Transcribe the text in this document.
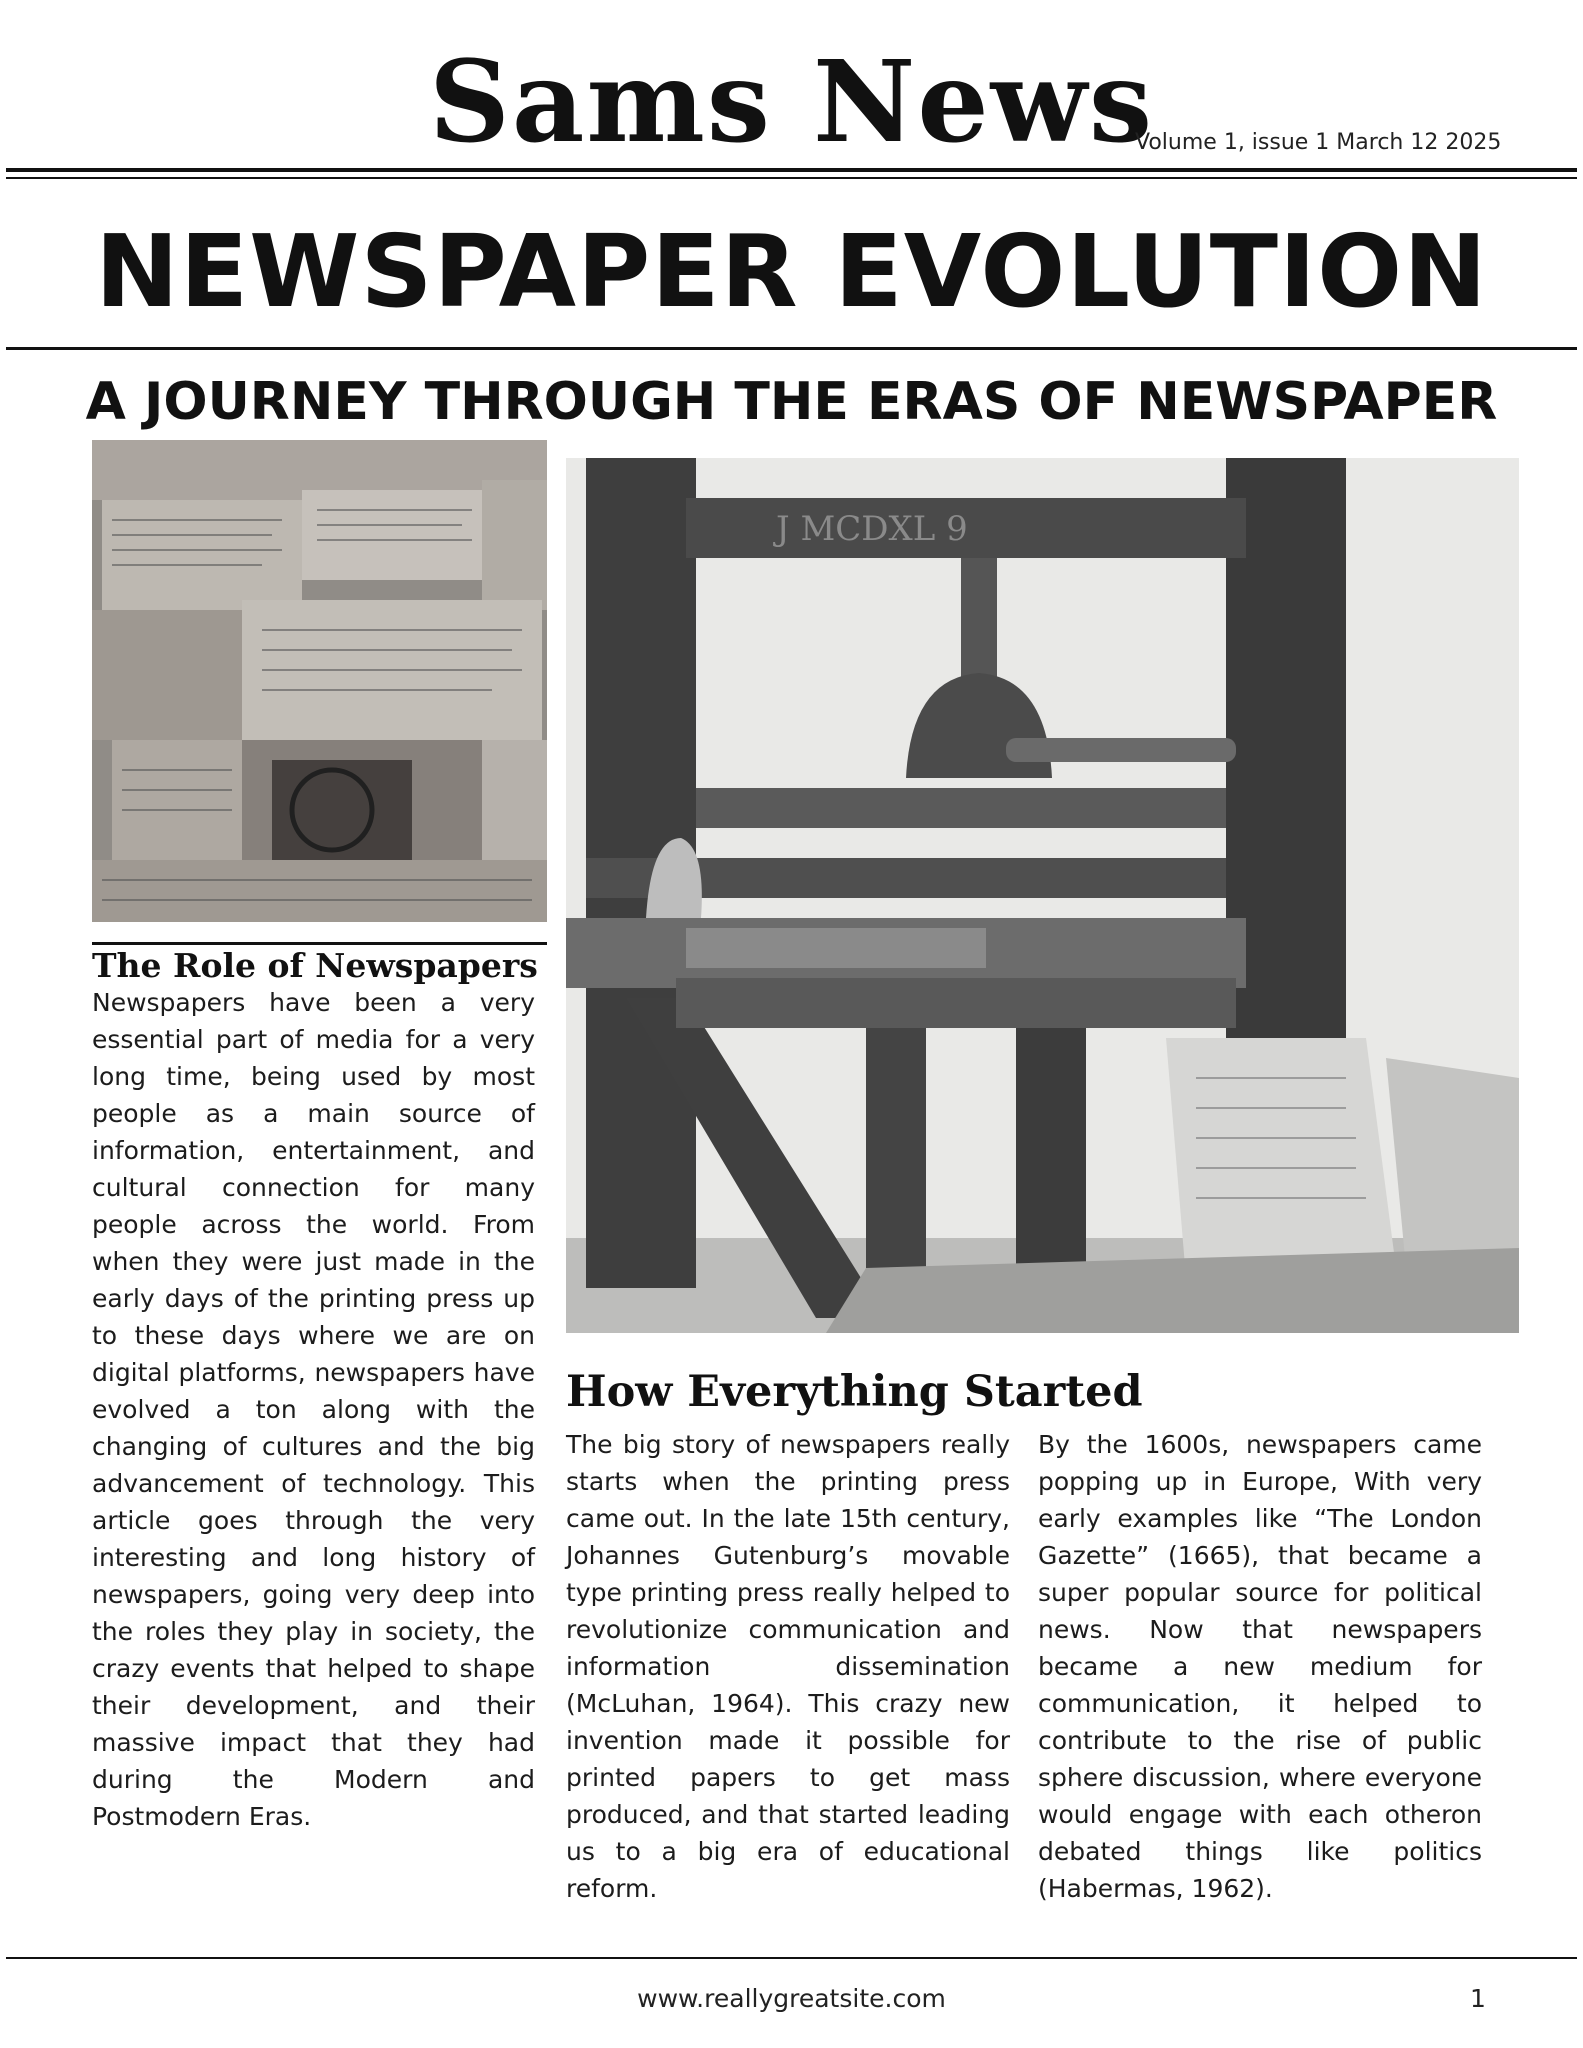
Sams News
Volume 1, issue 1 March 12 2025
NEWSPAPER EVOLUTION
A JOURNEY THROUGH THE ERAS OF NEWSPAPER
J MCDXL 9
The Role of Newspapers
Newspapers have been a very essential part of media for a very long time, being used by most people as a main source of information, entertainment, and cultural connection for many people across the world. From when they were just made in the early days of the printing press up to these days where we are on digital platforms, newspapers have evolved a ton along with the changing of cultures and the big advancement of technology. This article goes through the very interesting and long history of newspapers, going very deep into the roles they play in society, the crazy events that helped to shape their development, and their massive impact that they had during the Modern and Postmodern Eras.
How Everything Started
The big story of newspapers really starts when the printing press came out. In the late 15th century, Johannes Gutenburg’s movable type printing press really helped to revolutionize communication and information dissemination (McLuhan, 1964). This crazy new invention made it possible for printed papers to get mass produced, and that started leading us to a big era of educational reform.
By the 1600s, newspapers came popping up in Europe, With very early examples like “The London Gazette” (1665), that became a super popular source for political news. Now that newspapers became a new medium for communication, it helped to contribute to the rise of public sphere discussion, where everyone would engage with each otheron debated things like politics (Habermas, 1962).
www.reallygreatsite.com	1
